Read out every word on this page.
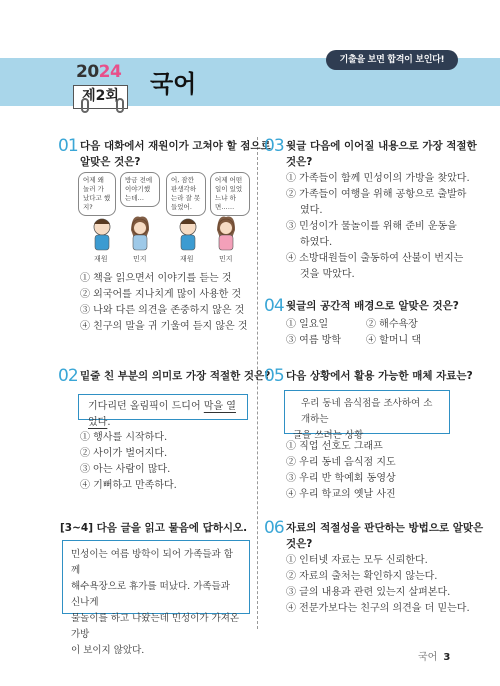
기출을 보면 합격이 보인다!
2024
제2회	국어
01 다음 대화에서 재원이가 고쳐야 할 점으로
알맞은 것은?
어제 왜 놀러 가 났다고 했지?
방금 전에 이야기했는데…
어, 잠깐 판생각하는라 잘 못 들었어.
어제 어떤 일이 있었느냐 하면……
재원	민지	재원	민지
① 책을 읽으면서 이야기를 듣는 것
② 외국어를 지나치게 많이 사용한 것
③ 나와 다른 의견을 존중하지 않은 것
④ 친구의 말을 귀 기울여 듣지 않은 것
02 밑줄 친 부분의 의미로 가장 적절한 것은?
기다리던 올림픽이 드디어 막을 열었다.
① 행사를 시작하다.
② 사이가 벌어지다.
③ 아는 사람이 많다.
④ 기뻐하고 만족하다.
[3~4] 다음 글을 읽고 물음에 답하시오.
민성이는 여름 방학이 되어 가족들과 함께
해수욕장으로 휴가를 떠났다. 가족들과 신나게
물놀이를 하고 나왔는데 민성이가 가져온 가방
이 보이지 않았다.
03 윗글 다음에 이어질 내용으로 가장 적절한
것은?
① 가족들이 함께 민성이의 가방을 찾았다.
② 가족들이 여행을 위해 공항으로 출발하
였다.
③ 민성이가 물놀이를 위해 준비 운동을
하였다.
④ 소방대원들이 출동하여 산불이 번지는
것을 막았다.
04 윗글의 공간적 배경으로 알맞은 것은?
① 일요일	② 해수욕장
③ 여름 방학	④ 할머니 댁
05 다음 상황에서 활용 가능한 매체 자료는?
우리 동네 음식점을 조사하여 소개하는
글을 쓰려는 상황
① 직업 선호도 그래프
② 우리 동네 음식점 지도
③ 우리 반 학예회 동영상
④ 우리 학교의 옛날 사진
06 자료의 적절성을 판단하는 방법으로 알맞은
것은?
① 인터넷 자료는 모두 신뢰한다.
② 자료의 출처는 확인하지 않는다.
③ 글의 내용과 관련 있는지 살펴본다.
④ 전문가보다는 친구의 의견을 더 믿는다.
국어 3
